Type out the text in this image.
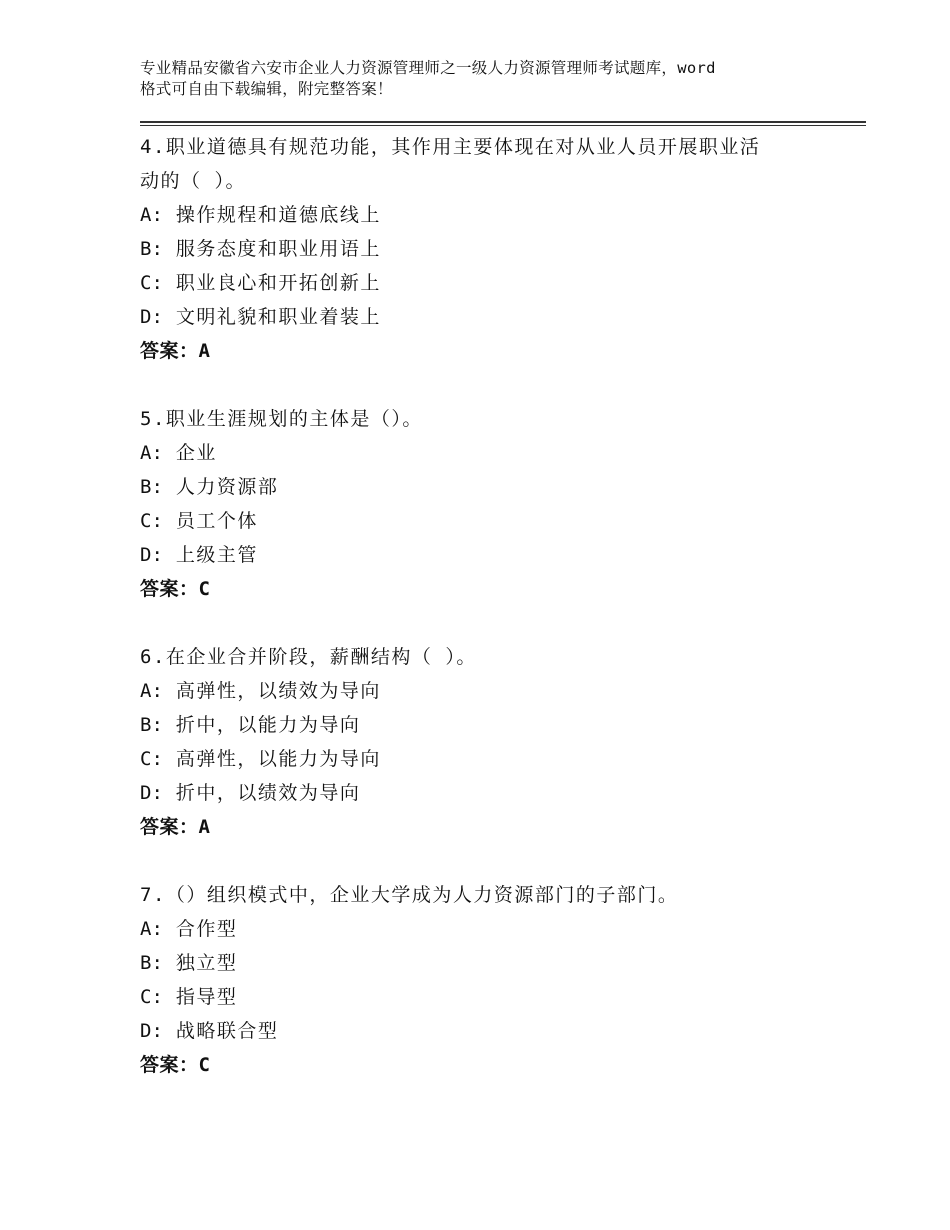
专业精品安徽省六安市企业人力资源管理师之一级人力资源管理师考试题库，word
格式可自由下载编辑，附完整答案！
4.职业道德具有规范功能，其作用主要体现在对从业人员开展职业活
动的（ ）。
A: 操作规程和道德底线上
B: 服务态度和职业用语上
C: 职业良心和开拓创新上
D: 文明礼貌和职业着装上
答案：A
5.职业生涯规划的主体是（）。
A: 企业
B: 人力资源部
C: 员工个体
D: 上级主管
答案：C
6.在企业合并阶段，薪酬结构（ ）。
A: 高弹性，以绩效为导向
B: 折中，以能力为导向
C: 高弹性，以能力为导向
D: 折中，以绩效为导向
答案：A
7.（）组织模式中，企业大学成为人力资源部门的子部门。
A: 合作型
B: 独立型
C: 指导型
D: 战略联合型
答案：C
